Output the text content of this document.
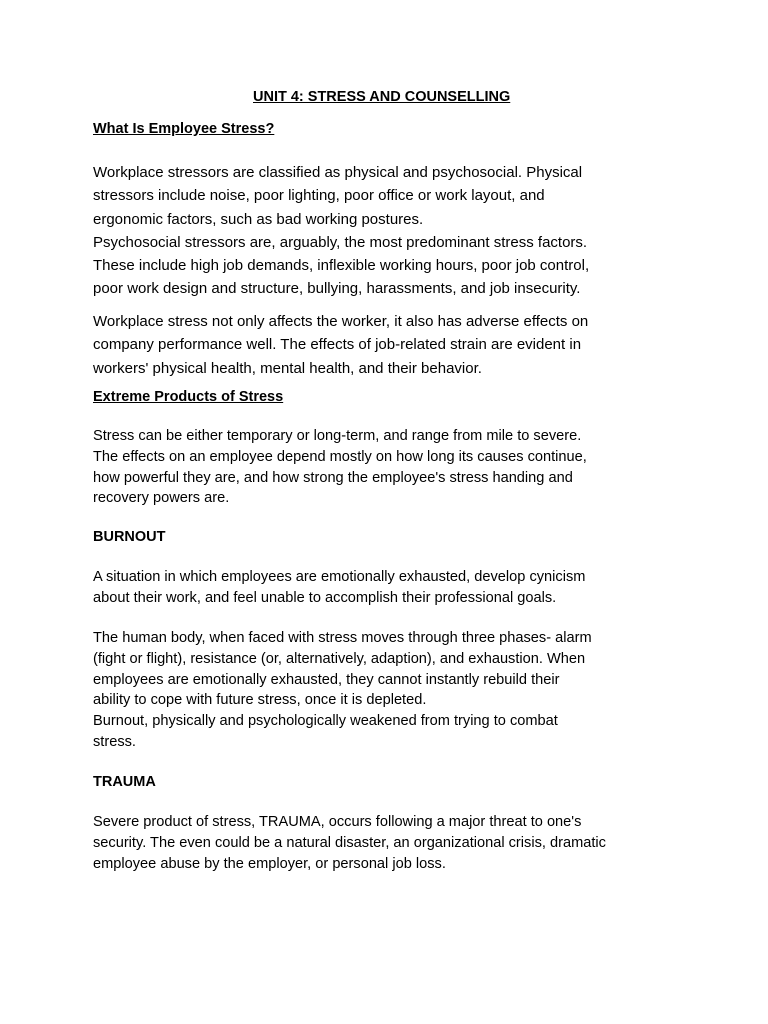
UNIT 4: STRESS AND COUNSELLING
What Is Employee Stress?
Workplace stressors are classified as physical and psychosocial. Physical
stressors include noise, poor lighting, poor office or work layout, and
ergonomic factors, such as bad working postures.
Psychosocial stressors are, arguably, the most predominant stress factors.
These include high job demands, inflexible working hours, poor job control,
poor work design and structure, bullying, harassments, and job insecurity.
Workplace stress not only affects the worker, it also has adverse effects on
company performance well. The effects of job-related strain are evident in
workers' physical health, mental health, and their behavior.
Extreme Products of Stress
Stress can be either temporary or long-term, and range from mile to severe.
The effects on an employee depend mostly on how long its causes continue,
how powerful they are, and how strong the employee's stress handing and
recovery powers are.
BURNOUT
A situation in which employees are emotionally exhausted, develop cynicism
about their work, and feel unable to accomplish their professional goals.
The human body, when faced with stress moves through three phases- alarm
(fight or flight), resistance (or, alternatively, adaption), and exhaustion. When
employees are emotionally exhausted, they cannot instantly rebuild their
ability to cope with future stress, once it is depleted.
Burnout, physically and psychologically weakened from trying to combat
stress.
TRAUMA
Severe product of stress, TRAUMA, occurs following a major threat to one's
security. The even could be a natural disaster, an organizational crisis, dramatic
employee abuse by the employer, or personal job loss.
